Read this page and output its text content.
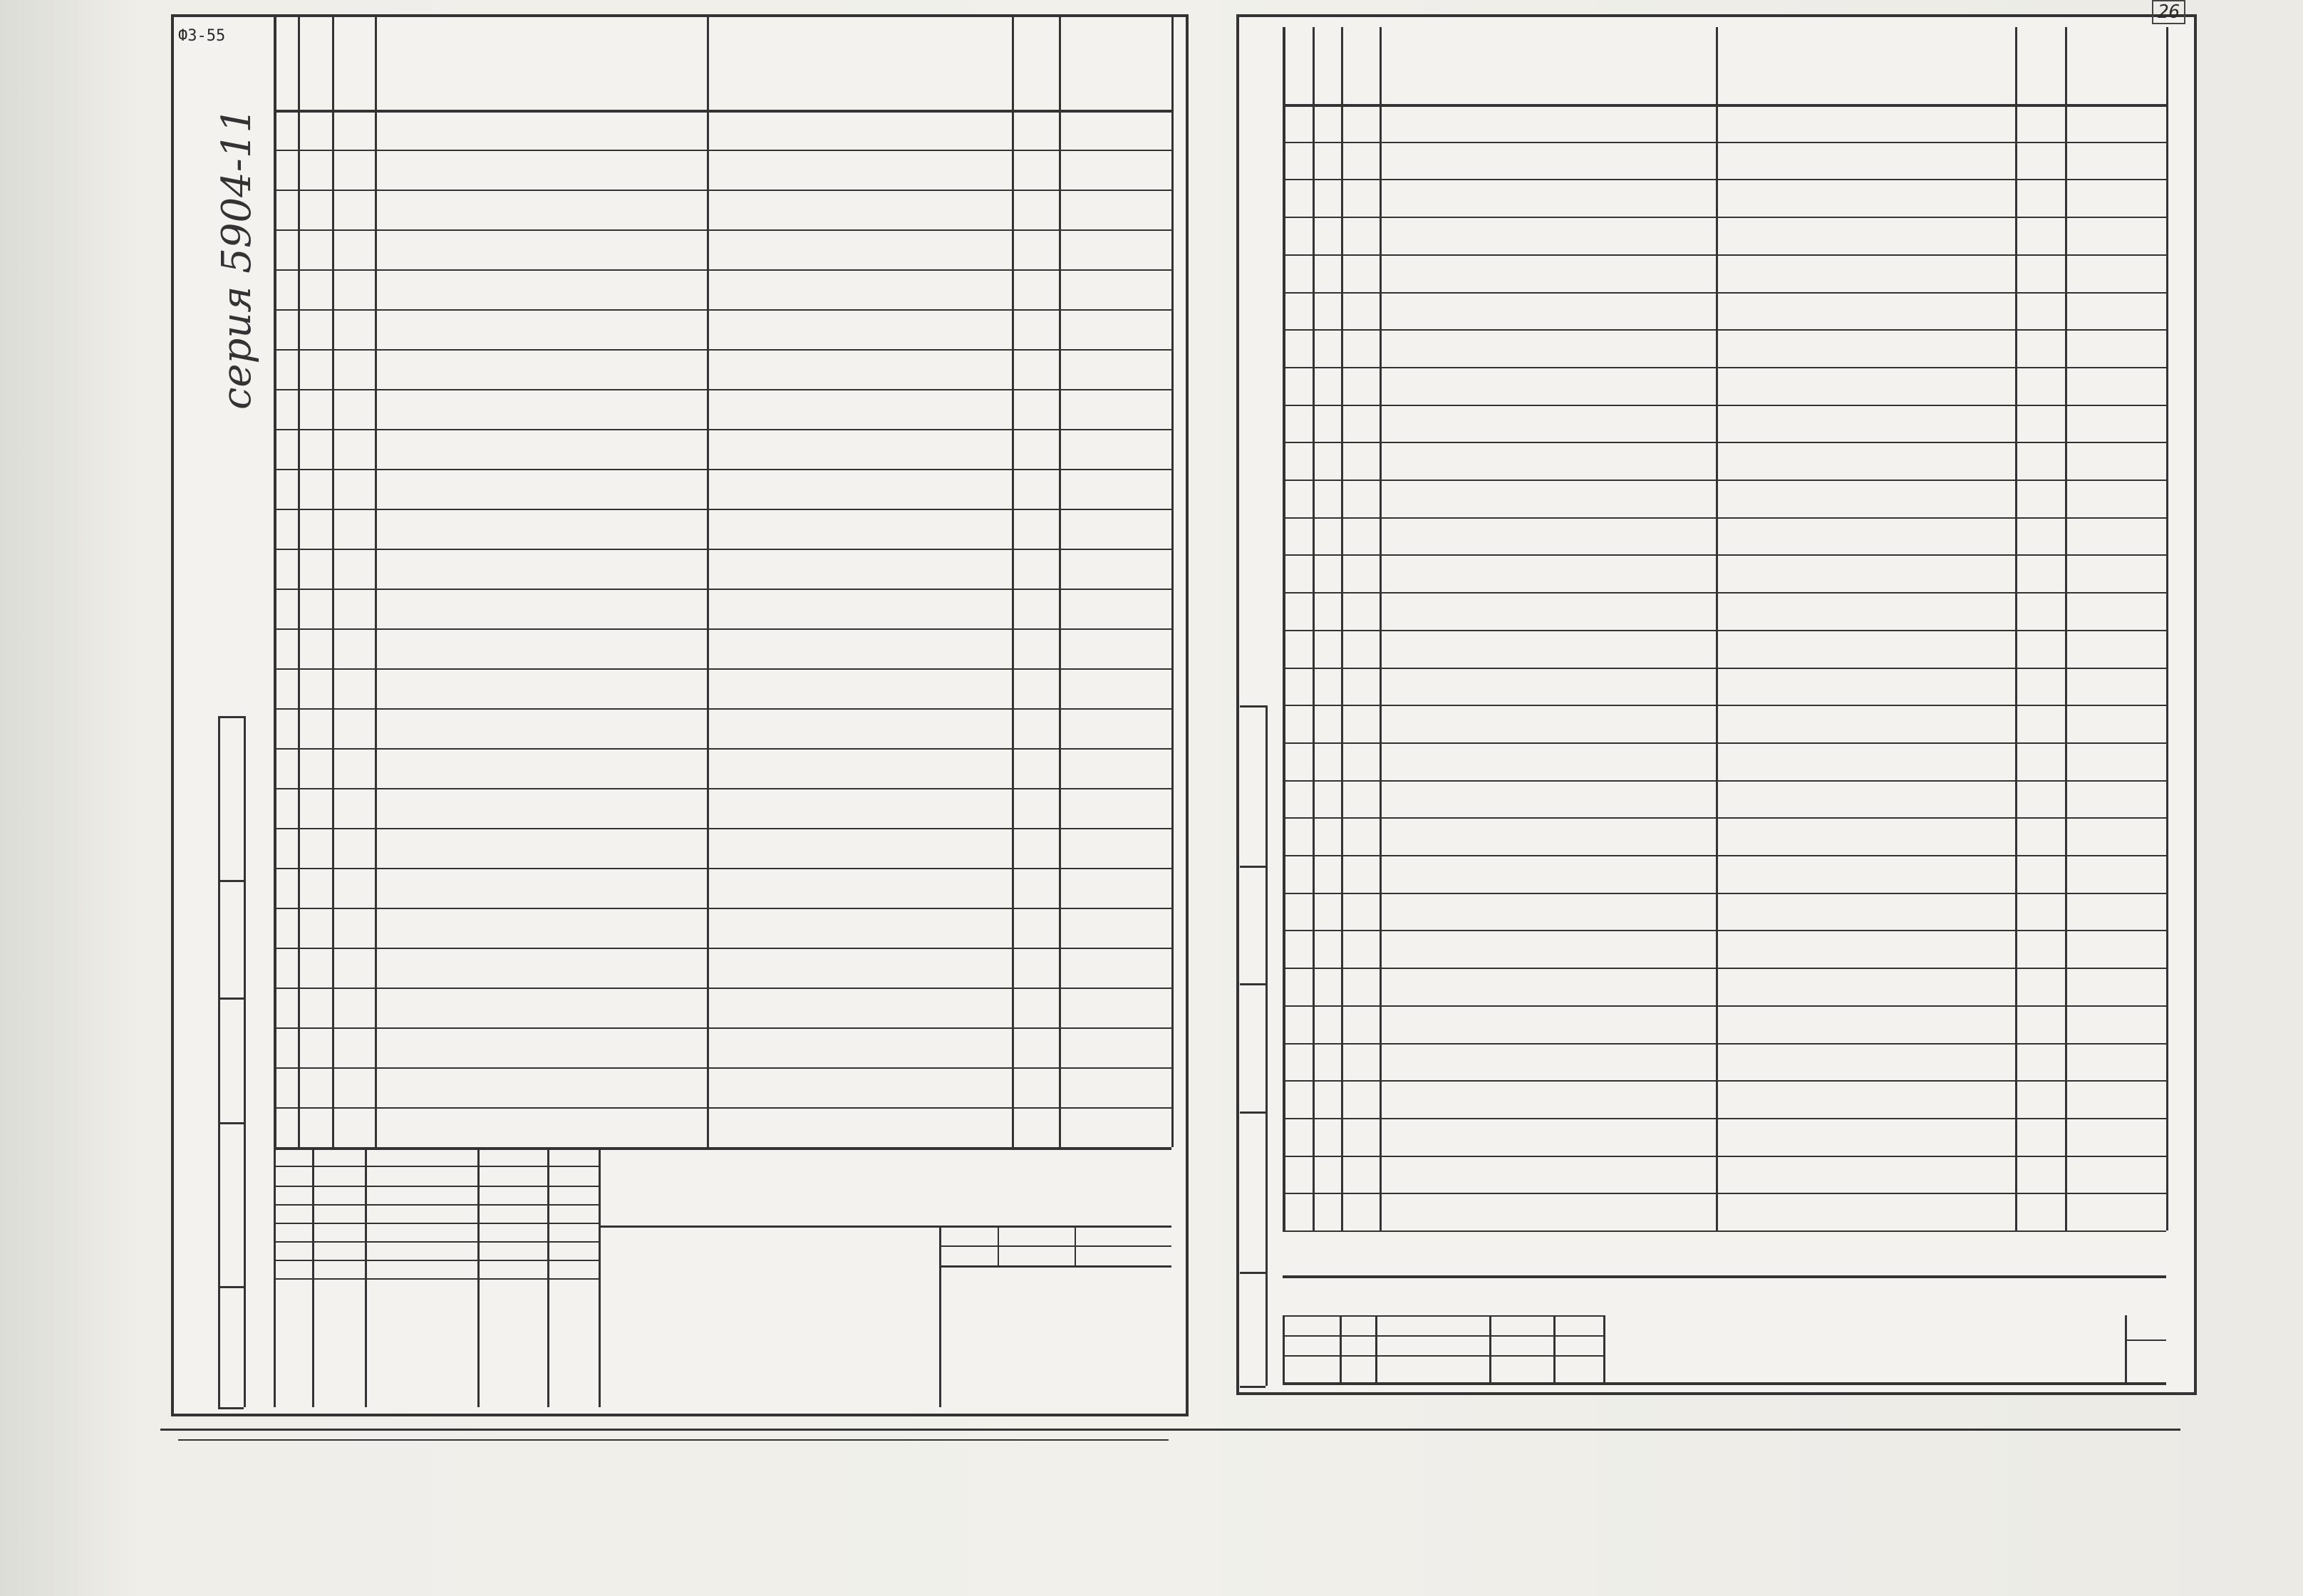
26
серия 5904-11
ФЗ-55
